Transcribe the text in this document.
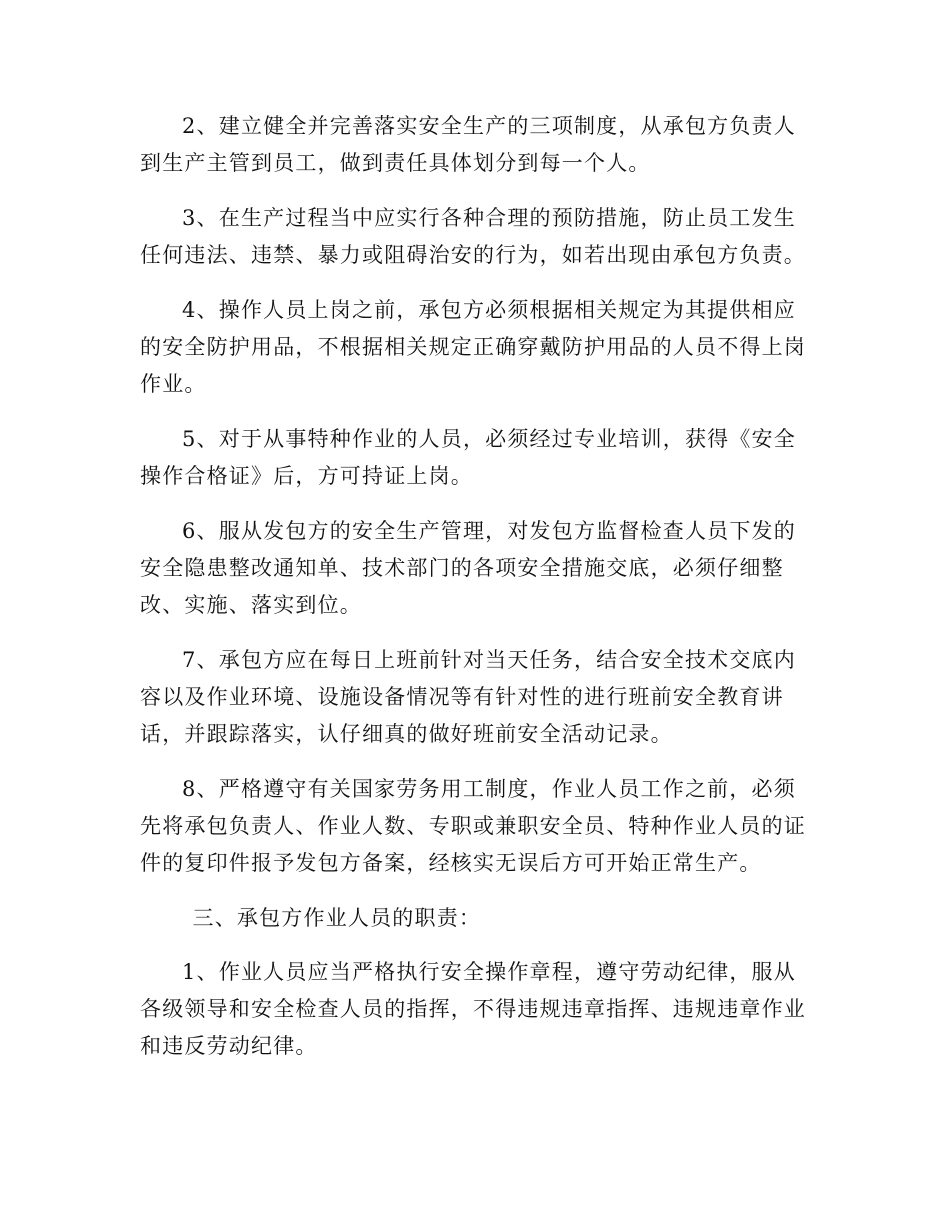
2、建立健全并完善落实安全生产的三项制度，从承包方负责人到生产主管到员工，做到责任具体划分到每一个人。

3、在生产过程当中应实行各种合理的预防措施，防止员工发生任何违法、违禁、暴力或阻碍治安的行为，如若出现由承包方负责。

4、操作人员上岗之前，承包方必须根据相关规定为其提供相应的安全防护用品，不根据相关规定正确穿戴防护用品的人员不得上岗作业。

5、对于从事特种作业的人员，必须经过专业培训，获得《安全操作合格证》后，方可持证上岗。

6、服从发包方的安全生产管理，对发包方监督检查人员下发的安全隐患整改通知单、技术部门的各项安全措施交底，必须仔细整改、实施、落实到位。

7、承包方应在每日上班前针对当天任务，结合安全技术交底内容以及作业环境、设施设备情况等有针对性的进行班前安全教育讲话，并跟踪落实，认仔细真的做好班前安全活动记录。

8、严格遵守有关国家劳务用工制度，作业人员工作之前，必须先将承包负责人、作业人数、专职或兼职安全员、特种作业人员的证件的复印件报予发包方备案，经核实无误后方可开始正常生产。

三、承包方作业人员的职责：

1、作业人员应当严格执行安全操作章程，遵守劳动纪律，服从各级领导和安全检查人员的指挥，不得违规违章指挥、违规违章作业和违反劳动纪律。
